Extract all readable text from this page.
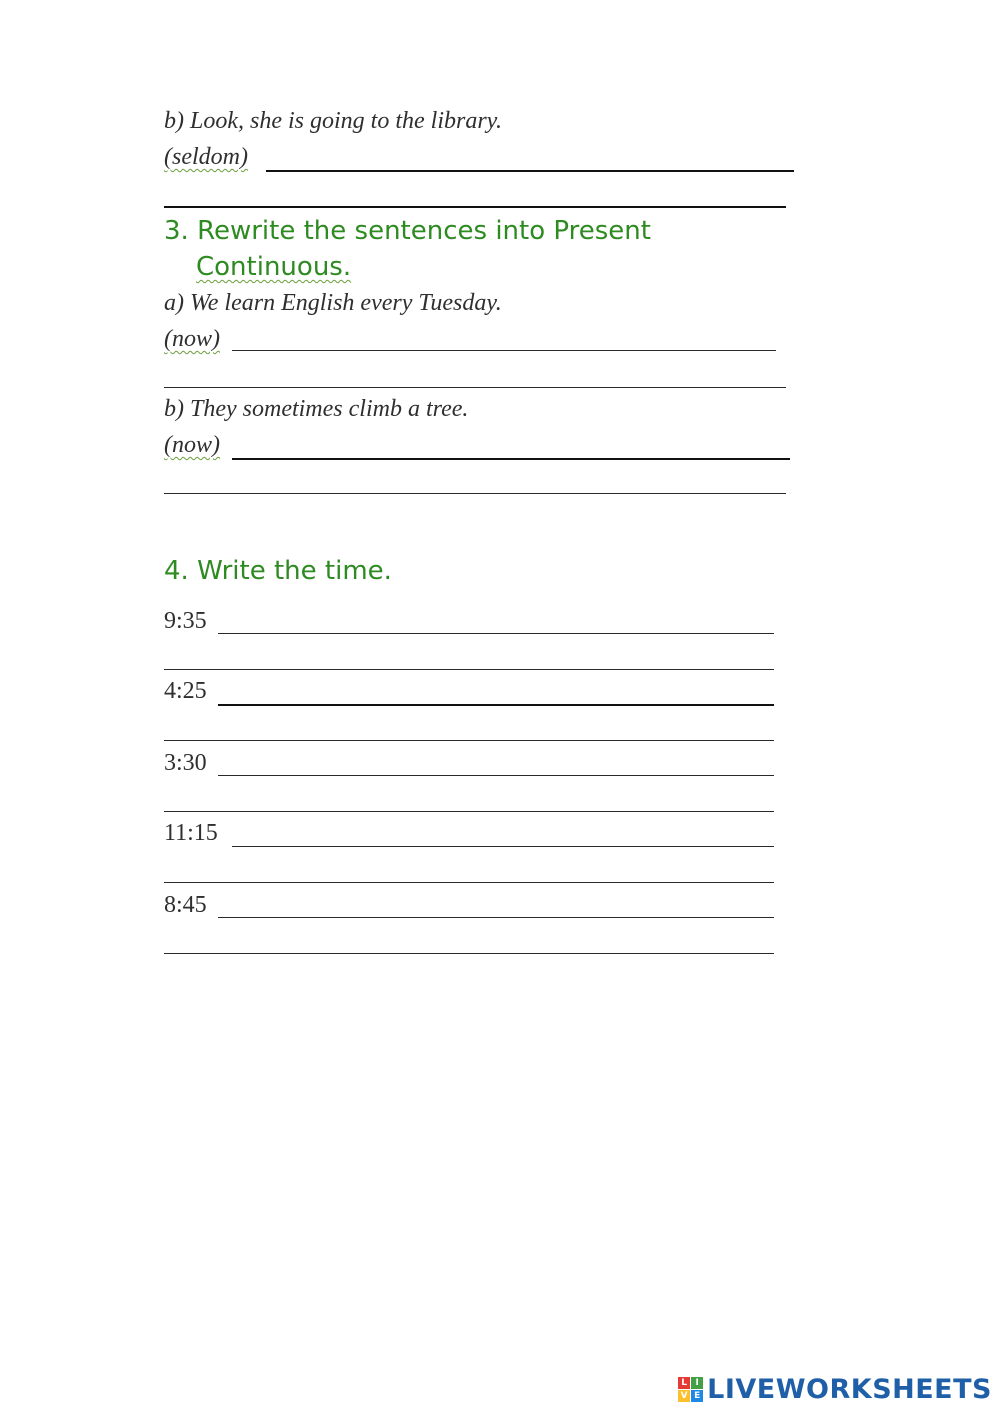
b) Look, she is going to the library.
(seldom)
3. Rewrite the sentences into Present
Continuous.
a) We learn English every Tuesday.
(now)
b) They sometimes climb a tree.
(now)
4. Write the time.
9:35
4:25
3:30
11:15
8:45
L I
V E LIVEWORKSHEETS
